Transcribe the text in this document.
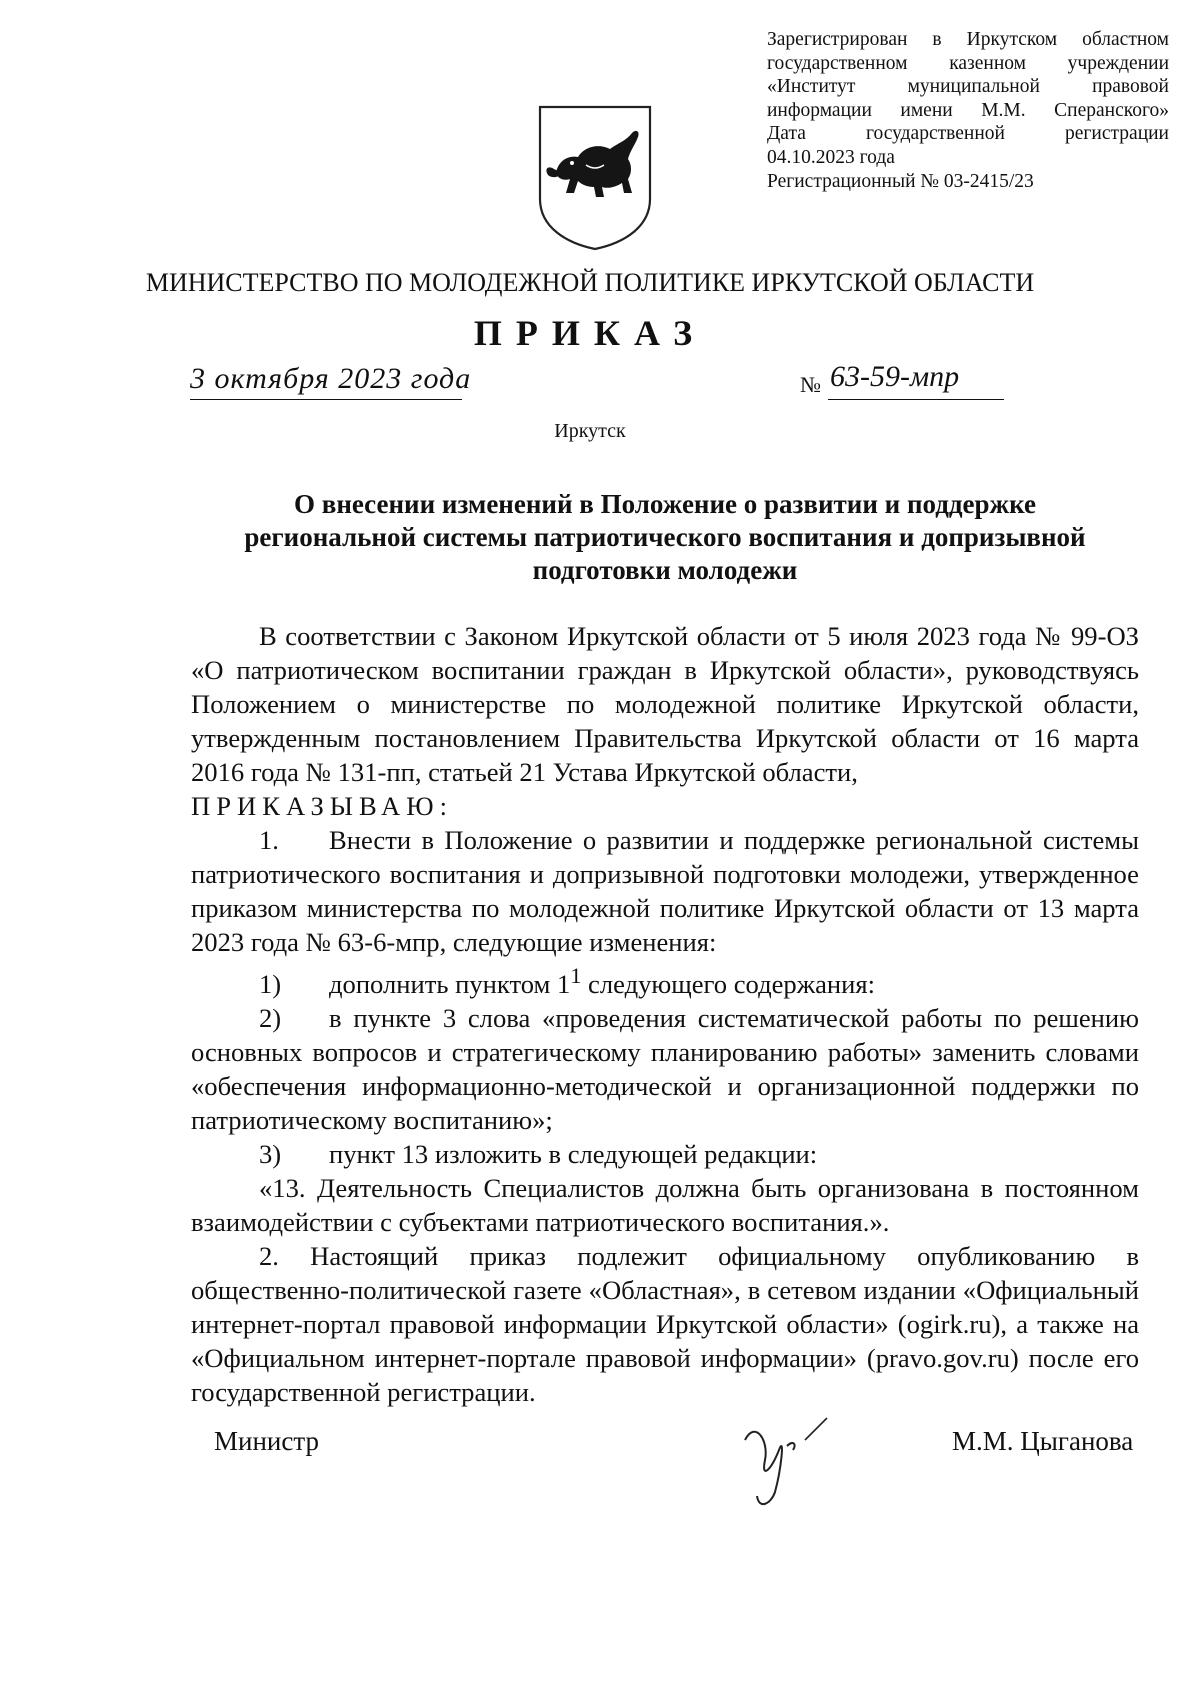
Зарегистрирован в Иркутском областном
государственном казенном учреждении
«Институт муниципальной правовой
информации имени М.М. Сперанского»
Дата государственной регистрации
04.10.2023 года
Регистрационный № 03-2415/23
МИНИСТЕРСТВО ПО МОЛОДЕЖНОЙ ПОЛИТИКЕ ИРКУТСКОЙ ОБЛАСТИ
ПРИКАЗ
3 октября 2023 года	№ 63-59-мпр
Иркутск
О внесении изменений в Положение о развитии и поддержке
региональной системы патриотического воспитания и допризывной
подготовки молодежи

В соответствии с Законом Иркутской области от 5 июля 2023 года № 99-ОЗ «О патриотическом воспитании граждан в Иркутской области», руководствуясь Положением о министерстве по молодежной политике Иркутской области, утвержденным постановлением Правительства Иркутской области от 16 марта 2016 года № 131-пп, статьей 21 Устава Иркутской области,

ПРИКАЗЫВАЮ:

1. Внести в Положение о развитии и поддержке региональной системы патриотического воспитания и допризывной подготовки молодежи, утвержденное приказом министерства по молодежной политике Иркутской области от 13 марта 2023 года № 63-6-мпр, следующие изменения:

1) дополнить пунктом $1^1$ следующего содержания:

2) в пункте 3 слова «проведения систематической работы по решению основных вопросов и стратегическому планированию работы» заменить словами «обеспечения информационно-методической и организационной поддержки по патриотическому воспитанию»;

3) пункт 13 изложить в следующей редакции:

«13. Деятельность Специалистов должна быть организована в постоянном взаимодействии с субъектами патриотического воспитания.».

2. Настоящий приказ подлежит официальному опубликованию в общественно-политической газете «Областная», в сетевом издании «Официальный интернет-портал правовой информации Иркутской области» (ogirk.ru), а также на «Официальном интернет-портале правовой информации» (pravo.gov.ru) после его государственной регистрации.

Министр	М.М. Цыганова
